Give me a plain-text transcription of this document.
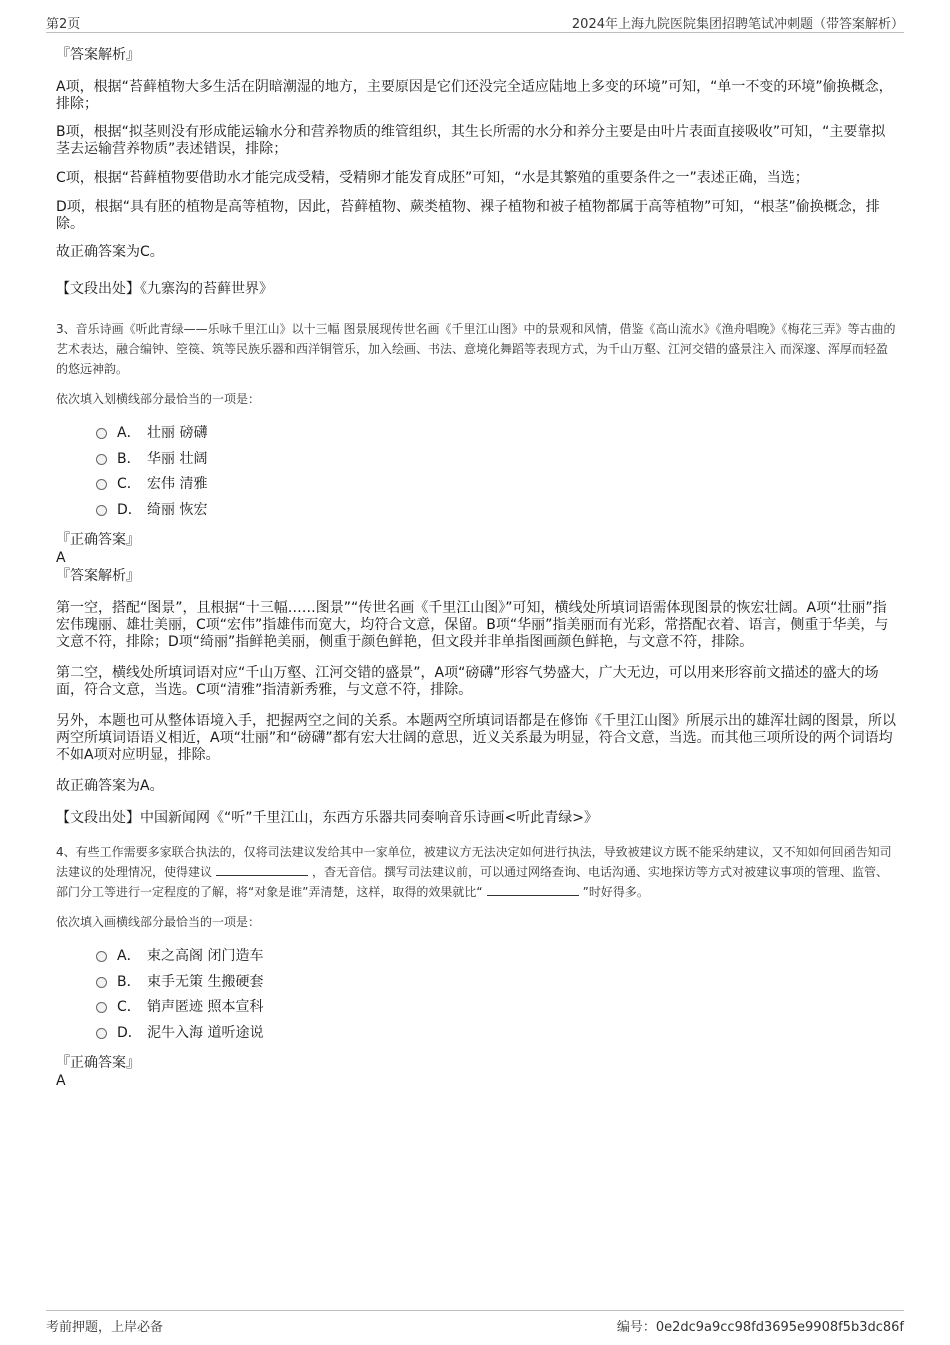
第2页	2024年上海九院医院集团招聘笔试冲刺题（带答案解析）

『答案解析』

A项，根据“苔藓植物大多生活在阴暗潮湿的地方，主要原因是它们还没完全适应陆地上多变的环境”可知，“单一不变的环境”偷换概念，排除；

B项，根据“拟茎则没有形成能运输水分和营养物质的维管组织，其生长所需的水分和养分主要是由叶片表面直接吸收”可知，“主要靠拟茎去运输营养物质”表述错误，排除；

C项，根据“苔藓植物要借助水才能完成受精，受精卵才能发育成胚”可知，“水是其繁殖的重要条件之一”表述正确，当选；

D项，根据“具有胚的植物是高等植物，因此，苔藓植物、蕨类植物、裸子植物和被子植物都属于高等植物”可知，“根茎”偷换概念，排除。

故正确答案为C。

【文段出处】《九寨沟的苔藓世界》

3、音乐诗画《听此青绿——乐咏千里江山》以十三幅 图景展现传世名画《千里江山图》中的景观和风情，借鉴《高山流水》《渔舟唱晚》《梅花三弄》等古曲的艺术表达，融合编钟、箜篌、筑等民族乐器和西洋铜管乐，加入绘画、书法、意境化舞蹈等表现方式，为千山万壑、江河交错的盛景注入 而深邃、浑厚而轻盈的悠远神韵。

依次填入划横线部分最恰当的一项是：

A． 壮丽 磅礴
B． 华丽 壮阔
C． 宏伟 清雅
D． 绮丽 恢宏

『正确答案』

A

『答案解析』

第一空，搭配“图景”，且根据“十三幅……图景”“传世名画《千里江山图》”可知，横线处所填词语需体现图景的恢宏壮阔。A项“壮丽”指宏伟瑰丽、雄壮美丽，C项“宏伟”指雄伟而宽大，均符合文意，保留。B项“华丽”指美丽而有光彩，常搭配衣着、语言，侧重于华美，与文意不符，排除；D项“绮丽”指鲜艳美丽，侧重于颜色鲜艳，但文段并非单指图画颜色鲜艳，与文意不符，排除。

第二空，横线处所填词语对应“千山万壑、江河交错的盛景”，A项“磅礴”形容气势盛大，广大无边，可以用来形容前文描述的盛大的场面，符合文意，当选。C项“清雅”指清新秀雅，与文意不符，排除。

另外，本题也可从整体语境入手，把握两空之间的关系。本题两空所填词语都是在修饰《千里江山图》所展示出的雄浑壮阔的图景，所以两空所填词语语义相近，A项“壮丽”和“磅礴”都有宏大壮阔的意思，近义关系最为明显，符合文意，当选。而其他三项所设的两个词语均不如A项对应明显，排除。

故正确答案为A。

【文段出处】中国新闻网《“听”千里江山，东西方乐器共同奏响音乐诗画<听此青绿>》

4、有些工作需要多家联合执法的，仅将司法建议发给其中一家单位，被建议方无法决定如何进行执法，导致被建议方既不能采纳建议，又不知如何回函告知司法建议的处理情况，使得建议	，杳无音信。撰写司法建议前，可以通过网络查询、电话沟通、实地探访等方式对被建议事项的管理、监管、部门分工等进行一定程度的了解，将“对象是谁”弄清楚，这样，取得的效果就比“	”时好得多。

依次填入画横线部分最恰当的一项是：

A． 束之高阁 闭门造车
B． 束手无策 生搬硬套
C． 销声匿迹 照本宣科
D． 泥牛入海 道听途说

『正确答案』

A

考前押题，上岸必备	编号：0e2dc9a9cc98fd3695e9908f5b3dc86f
